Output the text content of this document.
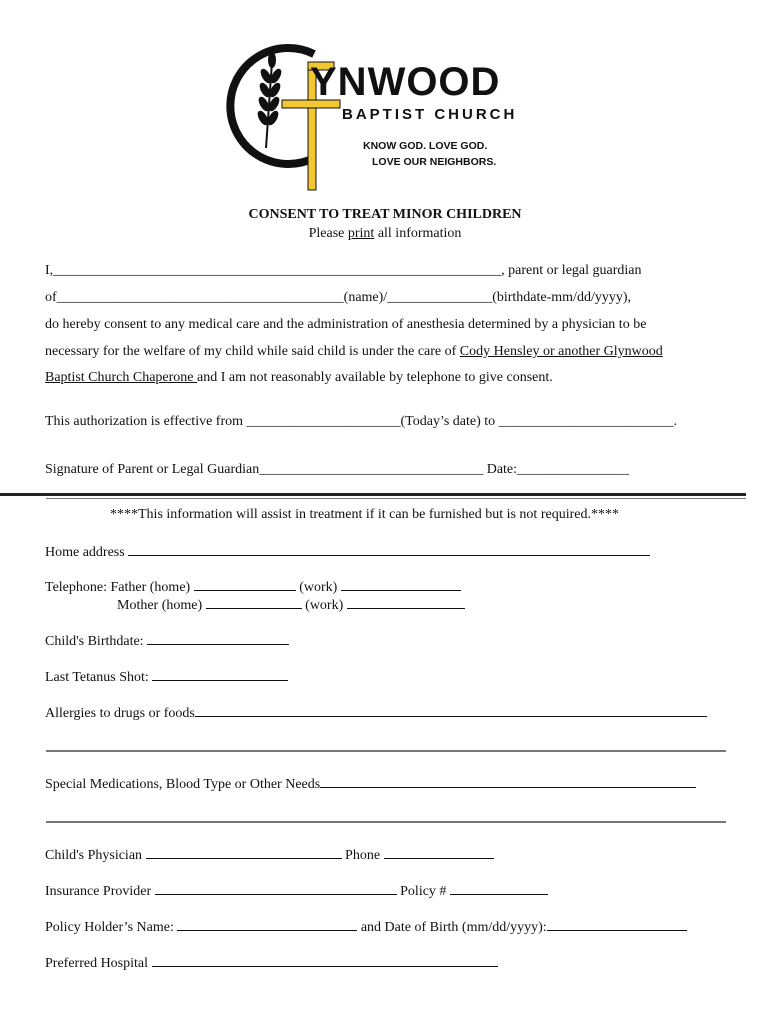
YNWOOD
BAPTIST CHURCH
KNOW GOD. LOVE GOD.
LOVE OUR NEIGHBORS.
CONSENT TO TREAT MINOR CHILDREN
Please print all information
I,________________________________________________________________, parent or legal guardian
of_________________________________________(name)/_______________(birthdate-mm/dd/yyyy),
do hereby consent to any medical care and the administration of anesthesia determined by a physician to be
necessary for the welfare of my child while said child is under the care of Cody Hensley or another Glynwood
Baptist Church Chaperone and I am not reasonably available by telephone to give consent.
This authorization is effective from ______________________(Today’s date) to _________________________.
Signature of Parent or Legal Guardian________________________________ Date:________________
****This information will assist in treatment if it can be furnished but is not required.****
Home address
Telephone: Father (home)	(work)
Mother (home)	(work)
Child's Birthdate:
Last Tetanus Shot:
Allergies to drugs or foods
Special Medications, Blood Type or Other Needs
Child's Physician	Phone
Insurance Provider	Policy #
Policy Holder’s Name:	and Date of Birth (mm/dd/yyyy):
Preferred Hospital
